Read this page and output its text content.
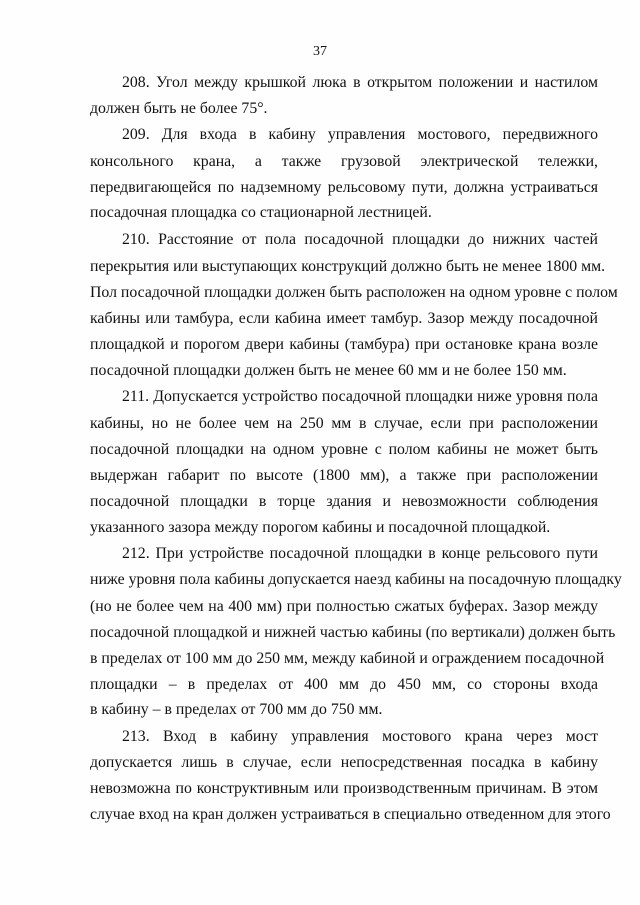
37
208. Угол между крышкой люка в открытом положении и настилом
должен быть не более 75°.
209. Для входа в кабину управления мостового, передвижного
консольного крана, а также грузовой электрической тележки,
передвигающейся по надземному рельсовому пути, должна устраиваться
посадочная площадка со стационарной лестницей.
210. Расстояние от пола посадочной площадки до нижних частей
перекрытия или выступающих конструкций должно быть не менее 1800 мм.
Пол посадочной площадки должен быть расположен на одном уровне с полом
кабины или тамбура, если кабина имеет тамбур. Зазор между посадочной
площадкой и порогом двери кабины (тамбура) при остановке крана возле
посадочной площадки должен быть не менее 60 мм и не более 150 мм.
211. Допускается устройство посадочной площадки ниже уровня пола
кабины, но не более чем на 250 мм в случае, если при расположении
посадочной площадки на одном уровне с полом кабины не может быть
выдержан габарит по высоте (1800 мм), а также при расположении
посадочной площадки в торце здания и невозможности соблюдения
указанного зазора между порогом кабины и посадочной площадкой.
212. При устройстве посадочной площадки в конце рельсового пути
ниже уровня пола кабины допускается наезд кабины на посадочную площадку
(но не более чем на 400 мм) при полностью сжатых буферах. Зазор между
посадочной площадкой и нижней частью кабины (по вертикали) должен быть
в пределах от 100 мм до 250 мм, между кабиной и ограждением посадочной
площадки – в пределах от 400 мм до 450 мм, со стороны входа
в кабину – в пределах от 700 мм до 750 мм.
213. Вход в кабину управления мостового крана через мост
допускается лишь в случае, если непосредственная посадка в кабину
невозможна по конструктивным или производственным причинам. В этом
случае вход на кран должен устраиваться в специально отведенном для этого
